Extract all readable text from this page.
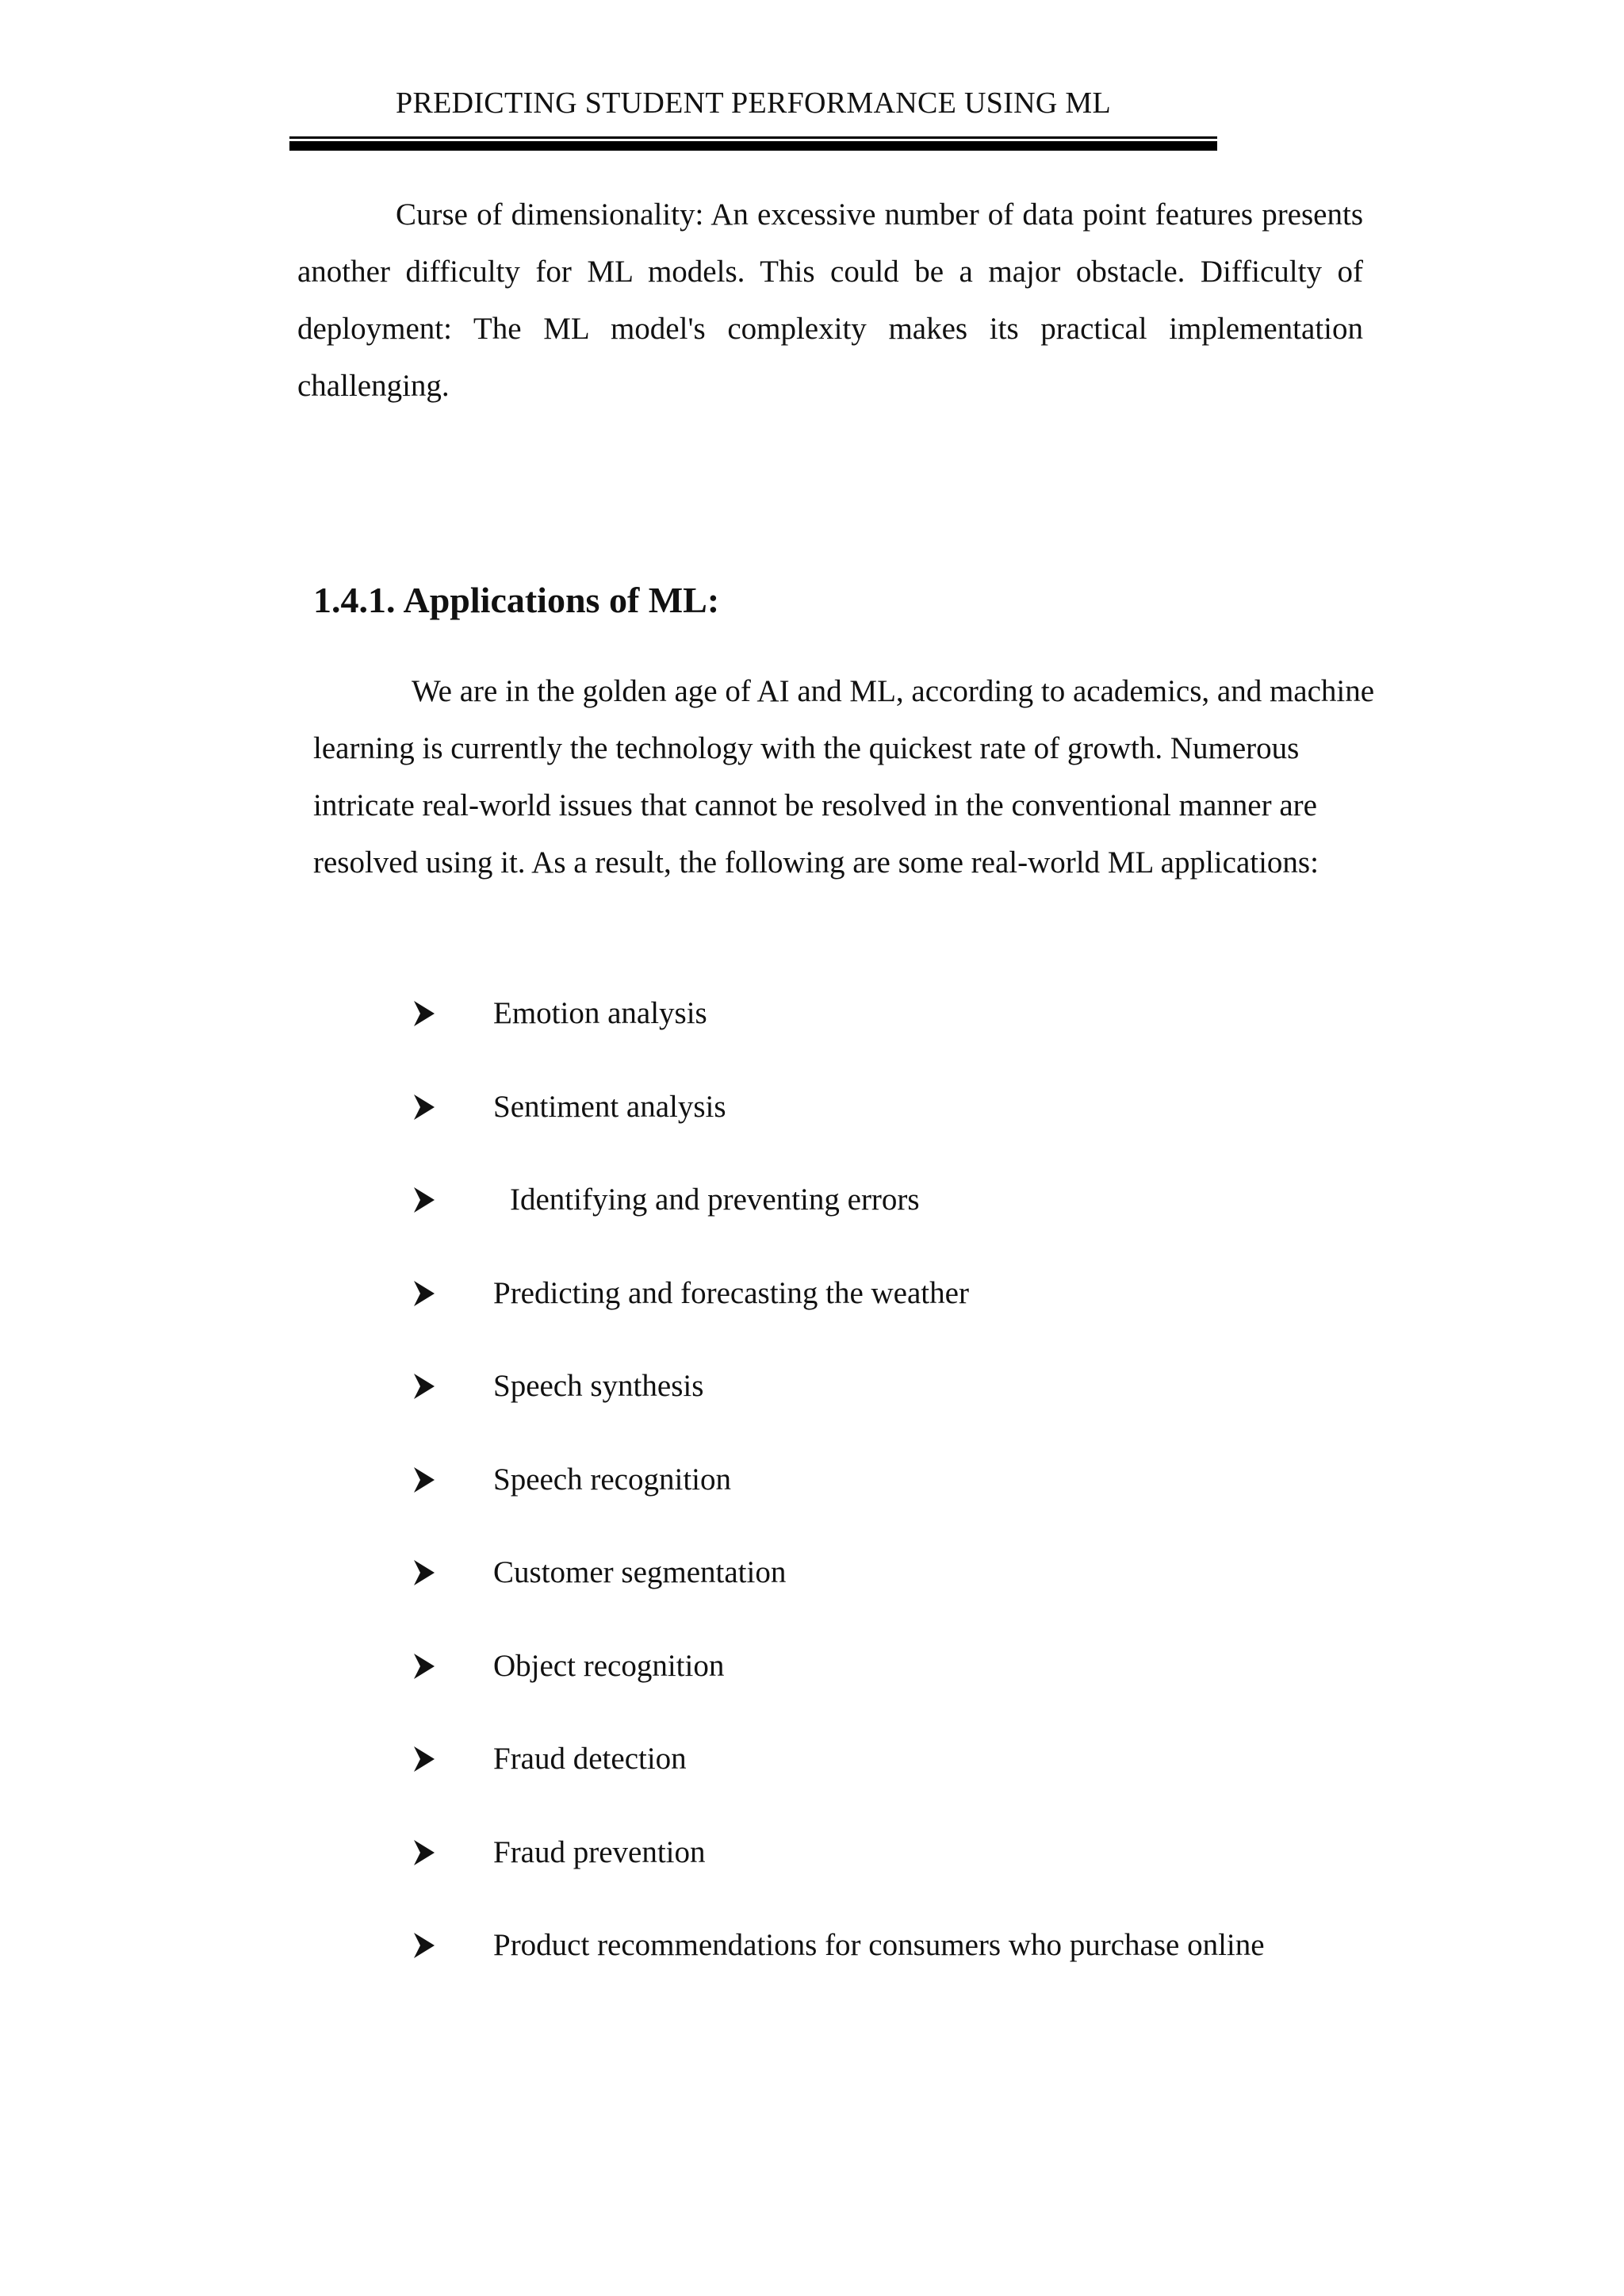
PREDICTING STUDENT PERFORMANCE USING ML

Curse of dimensionality: An excessive number of data point features presents another difficulty for ML models. This could be a major obstacle. Difficulty of deployment: The ML model's complexity makes its practical implementation challenging.

1.4.1. Applications of ML:

We are in the golden age of AI and ML, according to academics, and machine learning is currently the technology with the quickest rate of growth. Numerous intricate real-world issues that cannot be resolved in the conventional manner are resolved using it. As a result, the following are some real-world ML applications:

Emotion analysis
Sentiment analysis
Identifying and preventing errors
Predicting and forecasting the weather
Speech synthesis
Speech recognition
Customer segmentation
Object recognition
Fraud detection
Fraud prevention
Product recommendations for consumers who purchase online
